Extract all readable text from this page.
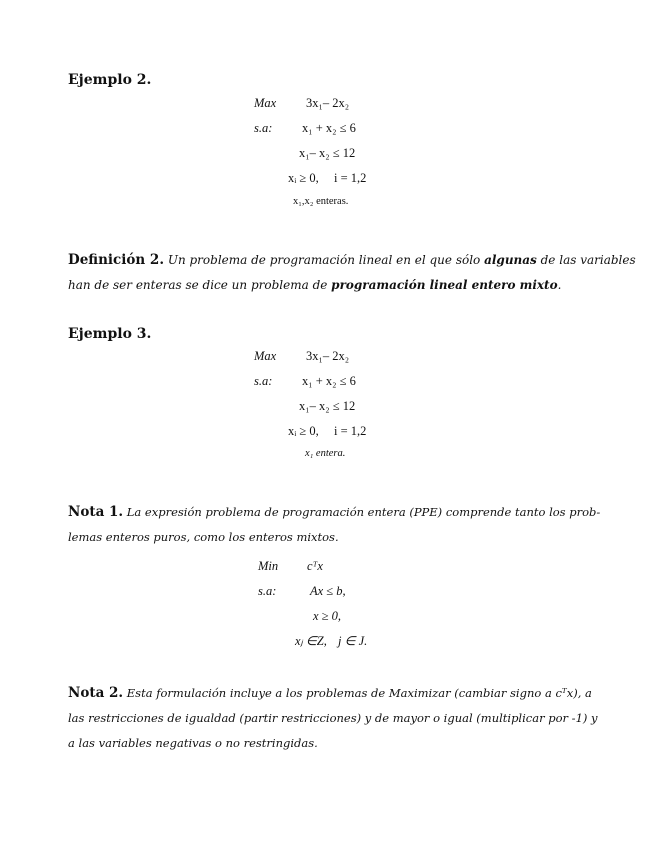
Ejemplo 2.
Max 3x₁– 2x₂
s.a: x₁ + x₂ ≤ 6
x₁– x₂ ≤ 12
xᵢ ≥ 0, i = 1,2
x₁,x₂ enteras.
Definición 2. Un problema de programación lineal en el que sólo algunas de las variables
han de ser enteras se dice un problema de programación lineal entero mixto.
Ejemplo 3.
Max 3x₁– 2x₂
s.a: x₁ + x₂ ≤ 6
x₁– x₂ ≤ 12
xᵢ ≥ 0, i = 1,2
x₁ entera.
Nota 1. La expresión problema de programación entera (PPE) comprende tanto los prob-
lemas enteros puros, como los enteros mixtos.
Min cᵀx
s.a:	Ax ≤ b,
x ≥ 0,
xⱼ ∈Z, j ∈ J.
Nota 2. Esta formulación incluye a los problemas de Maximizar (cambiar signo a cᵀx), a
las restricciones de igualdad (partir restricciones) y de mayor o igual (multiplicar por -1) y
a las variables negativas o no restringidas.
